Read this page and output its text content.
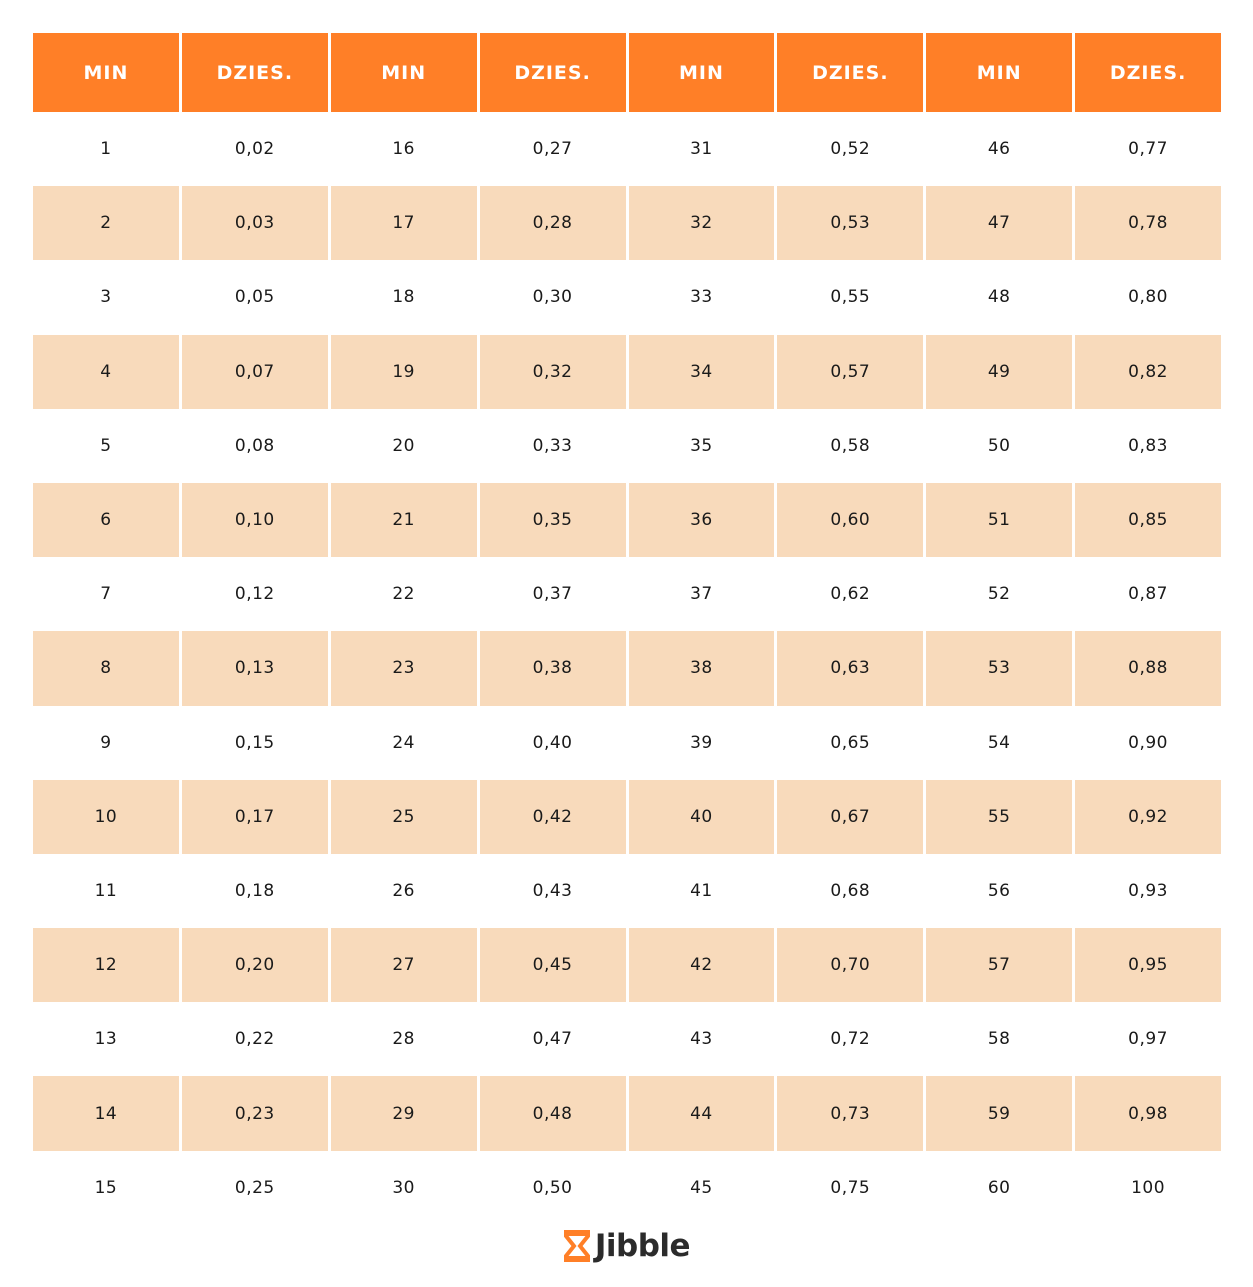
MIN	DZIES.	MIN	DZIES.	MIN	DZIES.	MIN	DZIES.
1	0,02	16	0,27	31	0,52	46	0,77
2	0,03	17	0,28	32	0,53	47	0,78
3	0,05	18	0,30	33	0,55	48	0,80
4	0,07	19	0,32	34	0,57	49	0,82
5	0,08	20	0,33	35	0,58	50	0,83
6	0,10	21	0,35	36	0,60	51	0,85
7	0,12	22	0,37	37	0,62	52	0,87
8	0,13	23	0,38	38	0,63	53	0,88
9	0,15	24	0,40	39	0,65	54	0,90
10	0,17	25	0,42	40	0,67	55	0,92
11	0,18	26	0,43	41	0,68	56	0,93
12	0,20	27	0,45	42	0,70	57	0,95
13	0,22	28	0,47	43	0,72	58	0,97
14	0,23	29	0,48	44	0,73	59	0,98
15	0,25	30	0,50	45	0,75	60	100
Jibble
